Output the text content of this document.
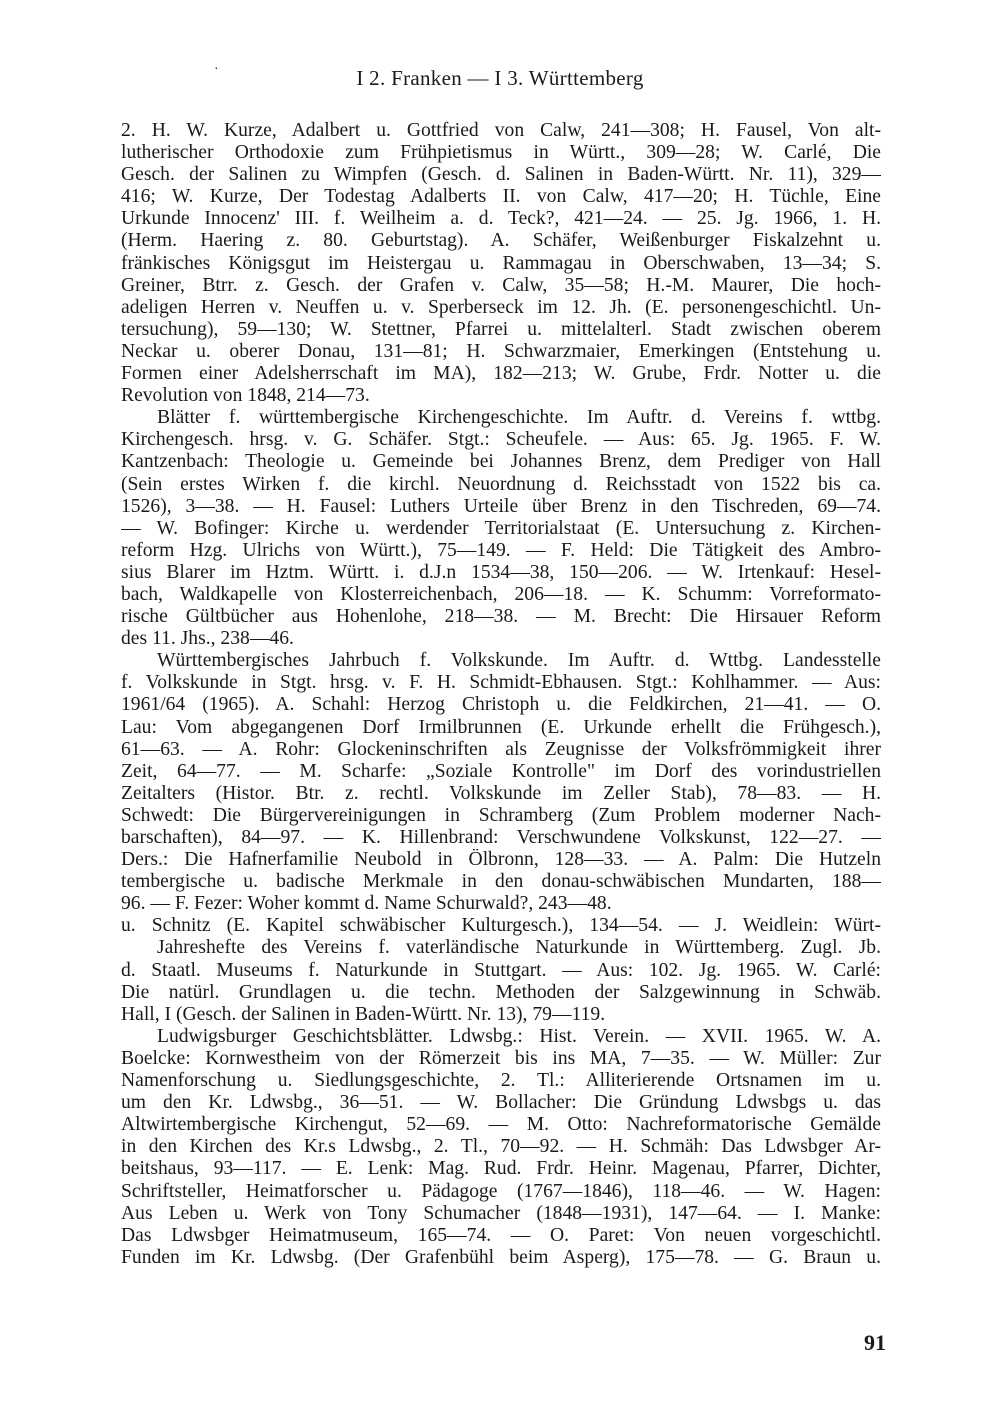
·	I 2. Franken — I 3. Württemberg
2. H. W. Kurze, Adalbert u. Gottfried von Calw, 241—308; H. Fausel, Von alt-
lutherischer Orthodoxie zum Frühpietismus in Württ., 309—28; W. Carlé, Die
Gesch. der Salinen zu Wimpfen (Gesch. d. Salinen in Baden-Württ. Nr. 11), 329—
416; W. Kurze, Der Todestag Adalberts II. von Calw, 417—20; H. Tüchle, Eine
Urkunde Innocenz' III. f. Weilheim a. d. Teck?, 421—24. — 25. Jg. 1966, 1. H.
(Herm. Haering z. 80. Geburtstag). A. Schäfer, Weißenburger Fiskalzehnt u.
fränkisches Königsgut im Heistergau u. Rammagau in Oberschwaben, 13—34; S.
Greiner, Btrr. z. Gesch. der Grafen v. Calw, 35—58; H.-M. Maurer, Die hoch-
adeligen Herren v. Neuffen u. v. Sperberseck im 12. Jh. (E. personengeschichtl. Un-
tersuchung), 59—130; W. Stettner, Pfarrei u. mittelalterl. Stadt zwischen oberem
Neckar u. oberer Donau, 131—81; H. Schwarzmaier, Emerkingen (Entstehung u.
Formen einer Adelsherrschaft im MA), 182—213; W. Grube, Frdr. Notter u. die
Revolution von 1848, 214—73.
Blätter f. württembergische Kirchengeschichte. Im Auftr. d. Vereins f. wttbg.
Kirchengesch. hrsg. v. G. Schäfer. Stgt.: Scheufele. — Aus: 65. Jg. 1965. F. W.
Kantzenbach: Theologie u. Gemeinde bei Johannes Brenz, dem Prediger von Hall
(Sein erstes Wirken f. die kirchl. Neuordnung d. Reichsstadt von 1522 bis ca.
1526), 3—38. — H. Fausel: Luthers Urteile über Brenz in den Tischreden, 69—74.
— W. Bofinger: Kirche u. werdender Territorialstaat (E. Untersuchung z. Kirchen-
reform Hzg. Ulrichs von Württ.), 75—149. — F. Held: Die Tätigkeit des Ambro-
sius Blarer im Hztm. Württ. i. d.J.n 1534—38, 150—206. — W. Irtenkauf: Hesel-
bach, Waldkapelle von Klosterreichenbach, 206—18. — K. Schumm: Vorreformato-
rische Gültbücher aus Hohenlohe, 218—38. — M. Brecht: Die Hirsauer Reform
des 11. Jhs., 238—46.
Württembergisches Jahrbuch f. Volkskunde. Im Auftr. d. Wttbg. Landesstelle
f. Volkskunde in Stgt. hrsg. v. F. H. Schmidt-Ebhausen. Stgt.: Kohlhammer. — Aus:
1961/64 (1965). A. Schahl: Herzog Christoph u. die Feldkirchen, 21—41. — O.
Lau: Vom abgegangenen Dorf Irmilbrunnen (E. Urkunde erhellt die Frühgesch.),
61—63. — A. Rohr: Glockeninschriften als Zeugnisse der Volksfrömmigkeit ihrer
Zeit, 64—77. — M. Scharfe: „Soziale Kontrolle" im Dorf des vorindustriellen
Zeitalters (Histor. Btr. z. rechtl. Volkskunde im Zeller Stab), 78—83. — H.
Schwedt: Die Bürgervereinigungen in Schramberg (Zum Problem moderner Nach-
barschaften), 84—97. — K. Hillenbrand: Verschwundene Volkskunst, 122—27. —
Ders.: Die Hafnerfamilie Neubold in Ölbronn, 128—33. — A. Palm: Die Hutzeln
tembergische u. badische Merkmale in den donau-schwäbischen Mundarten, 188—
96. — F. Fezer: Woher kommt d. Name Schurwald?, 243—48.
u. Schnitz (E. Kapitel schwäbischer Kulturgesch.), 134—54. — J. Weidlein: Würt-
Jahreshefte des Vereins f. vaterländische Naturkunde in Württemberg. Zugl. Jb.
d. Staatl. Museums f. Naturkunde in Stuttgart. — Aus: 102. Jg. 1965. W. Carlé:
Die natürl. Grundlagen u. die techn. Methoden der Salzgewinnung in Schwäb.
Hall, I (Gesch. der Salinen in Baden-Württ. Nr. 13), 79—119.
Ludwigsburger Geschichtsblätter. Ldwsbg.: Hist. Verein. — XVII. 1965. W. A.
Boelcke: Kornwestheim von der Römerzeit bis ins MA, 7—35. — W. Müller: Zur
Namenforschung u. Siedlungsgeschichte, 2. Tl.: Alliterierende Ortsnamen im u.
um den Kr. Ldwsbg., 36—51. — W. Bollacher: Die Gründung Ldwsbgs u. das
Altwirtembergische Kirchengut, 52—69. — M. Otto: Nachreformatorische Gemälde
in den Kirchen des Kr.s Ldwsbg., 2. Tl., 70—92. — H. Schmäh: Das Ldwsbger Ar-
beitshaus, 93—117. — E. Lenk: Mag. Rud. Frdr. Heinr. Magenau, Pfarrer, Dichter,
Schriftsteller, Heimatforscher u. Pädagoge (1767—1846), 118—46. — W. Hagen:
Aus Leben u. Werk von Tony Schumacher (1848—1931), 147—64. — I. Manke:
Das Ldwsbger Heimatmuseum, 165—74. — O. Paret: Von neuen vorgeschichtl.
Funden im Kr. Ldwsbg. (Der Grafenbühl beim Asperg), 175—78. — G. Braun u.
91
